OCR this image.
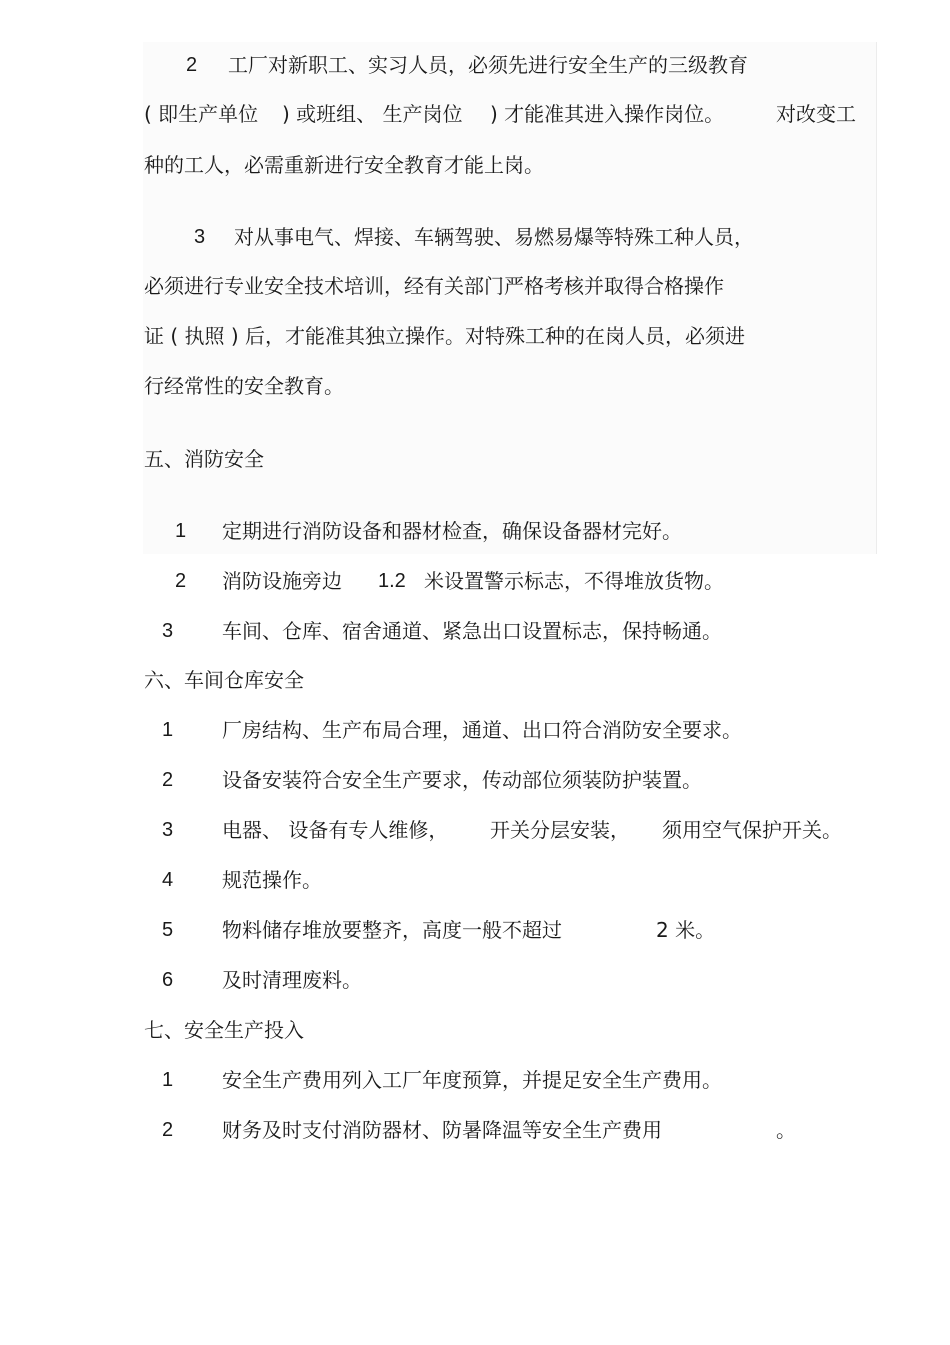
2 工厂对新职工、实习人员，必须先进行安全生产的三级教育
( 即生产单位 ) 或班组、 生产岗位 ) 才能准其进入操作岗位。	对改变工
种的工人，必需重新进行安全教育才能上岗。
3 对从事电气、焊接、车辆驾驶、易燃易爆等特殊工种人员，
必须进行专业安全技术培训，经有关部门严格考核并取得合格操作
证 ( 执照 ) 后，才能准其独立操作。对特殊工种的在岗人员，必须进
行经常性的安全教育。
五、消防安全
1 定期进行消防设备和器材检查，确保设备器材完好。
2 消防设施旁边 1.2 米设置警示标志，不得堆放货物。
3 车间、仓库、宿舍通道、紧急出口设置标志，保持畅通。
六、车间仓库安全
1 厂房结构、生产布局合理，通道、出口符合消防安全要求。
2 设备安装符合安全生产要求，传动部位须装防护装置。
3 电器、 设备有专人维修， 开关分层安装， 须用空气保护开关。
4 规范操作。
5 物料储存堆放要整齐，高度一般不超过	2 米。
6 及时清理废料。
七、安全生产投入
1 安全生产费用列入工厂年度预算，并提足安全生产费用。
2 财务及时支付消防器材、防暑降温等安全生产费用	。
